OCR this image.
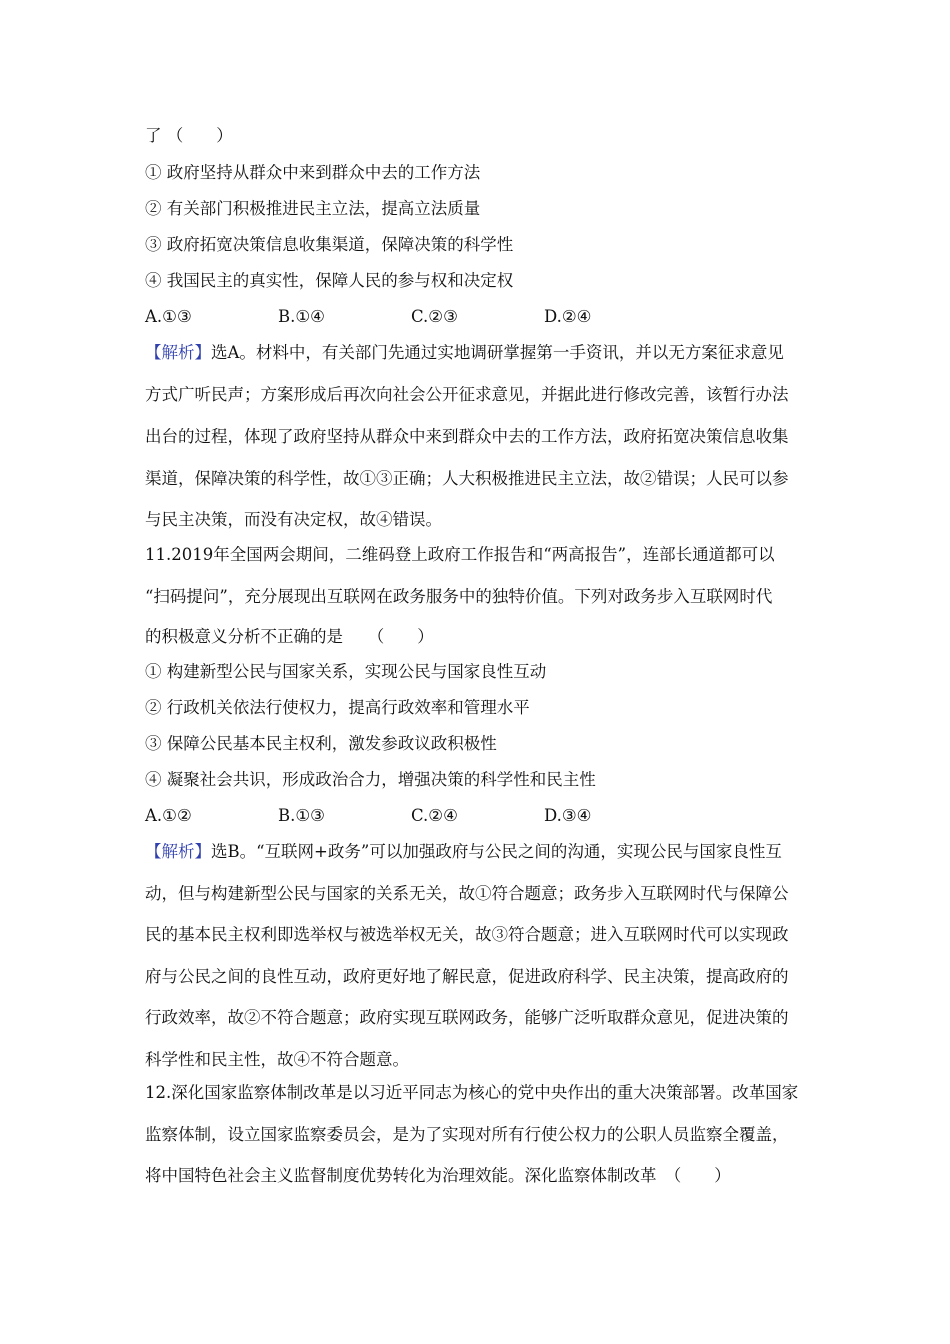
了 （　　）
① 政府坚持从群众中来到群众中去的工作方法
② 有关部门积极推进民主立法，提高立法质量
③ 政府拓宽决策信息收集渠道，保障决策的科学性
④ 我国民主的真实性，保障人民的参与权和决定权
A.①③	B.①④	C.②③	D.②④
【解析】选A。材料中，有关部门先通过实地调研掌握第一手资讯，并以无方案征求意见
方式广听民声；方案形成后再次向社会公开征求意见，并据此进行修改完善，该暂行办法
出台的过程，体现了政府坚持从群众中来到群众中去的工作方法，政府拓宽决策信息收集
渠道，保障决策的科学性，故①③正确；人大积极推进民主立法，故②错误；人民可以参
与民主决策，而没有决定权，故④错误。
11.2019年全国两会期间，二维码登上政府工作报告和“两高报告”，连部长通道都可以
“扫码提问”，充分展现出互联网在政务服务中的独特价值。下列对政务步入互联网时代
的积极意义分析不正确的是　　（　　）
① 构建新型公民与国家关系，实现公民与国家良性互动
② 行政机关依法行使权力，提高行政效率和管理水平
③ 保障公民基本民主权利，激发参政议政积极性
④ 凝聚社会共识，形成政治合力，增强决策的科学性和民主性
A.①②	B.①③	C.②④	D.③④
【解析】选B。“互联网+政务”可以加强政府与公民之间的沟通，实现公民与国家良性互
动，但与构建新型公民与国家的关系无关，故①符合题意；政务步入互联网时代与保障公
民的基本民主权利即选举权与被选举权无关，故③符合题意；进入互联网时代可以实现政
府与公民之间的良性互动，政府更好地了解民意，促进政府科学、民主决策，提高政府的
行政效率，故②不符合题意；政府实现互联网政务，能够广泛听取群众意见，促进决策的
科学性和民主性，故④不符合题意。
12.深化国家监察体制改革是以习近平同志为核心的党中央作出的重大决策部署。改革国家
监察体制，设立国家监察委员会，是为了实现对所有行使公权力的公职人员监察全覆盖，
将中国特色社会主义监督制度优势转化为治理效能。深化监察体制改革　（　　）
